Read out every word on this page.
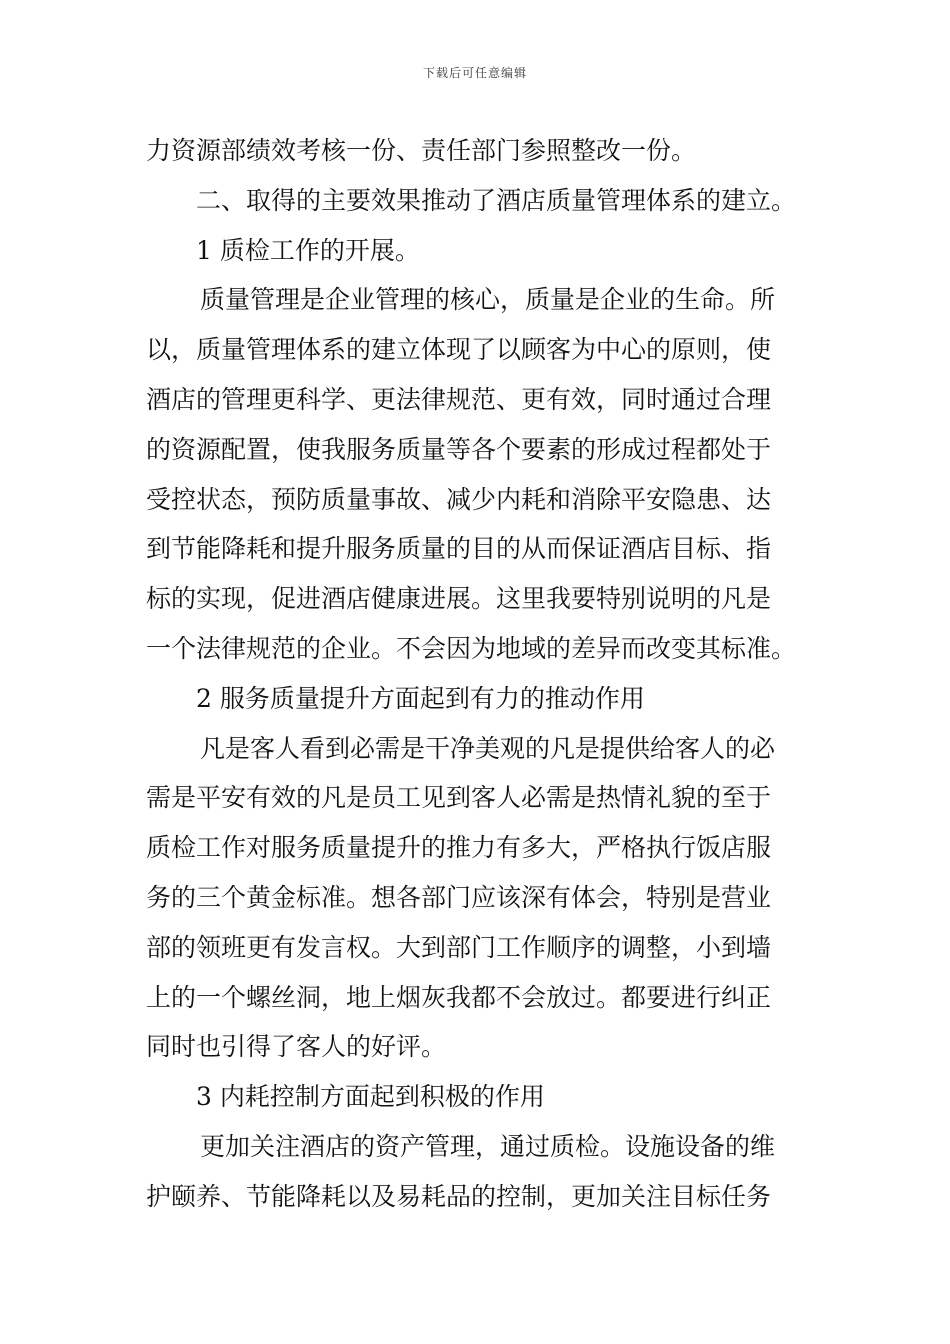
下载后可任意编辑
力资源部绩效考核一份、责任部门参照整改一份。
二、取得的主要效果推动了酒店质量管理体系的建立。
1 质检工作的开展。
质量管理是企业管理的核心，质量是企业的生命。所
以，质量管理体系的建立体现了以顾客为中心的原则，使
酒店的管理更科学、更法律规范、更有效，同时通过合理
的资源配置，使我服务质量等各个要素的形成过程都处于
受控状态，预防质量事故、减少内耗和消除平安隐患、达
到节能降耗和提升服务质量的目的从而保证酒店目标、指
标的实现，促进酒店健康进展。这里我要特别说明的凡是
一个法律规范的企业。不会因为地域的差异而改变其标准。
2 服务质量提升方面起到有力的推动作用
凡是客人看到必需是干净美观的凡是提供给客人的必
需是平安有效的凡是员工见到客人必需是热情礼貌的至于
质检工作对服务质量提升的推力有多大，严格执行饭店服
务的三个黄金标准。想各部门应该深有体会，特别是营业
部的领班更有发言权。大到部门工作顺序的调整，小到墙
上的一个螺丝洞，地上烟灰我都不会放过。都要进行纠正
同时也引得了客人的好评。
3 内耗控制方面起到积极的作用
更加关注酒店的资产管理，通过质检。设施设备的维
护颐养、节能降耗以及易耗品的控制，更加关注目标任务
